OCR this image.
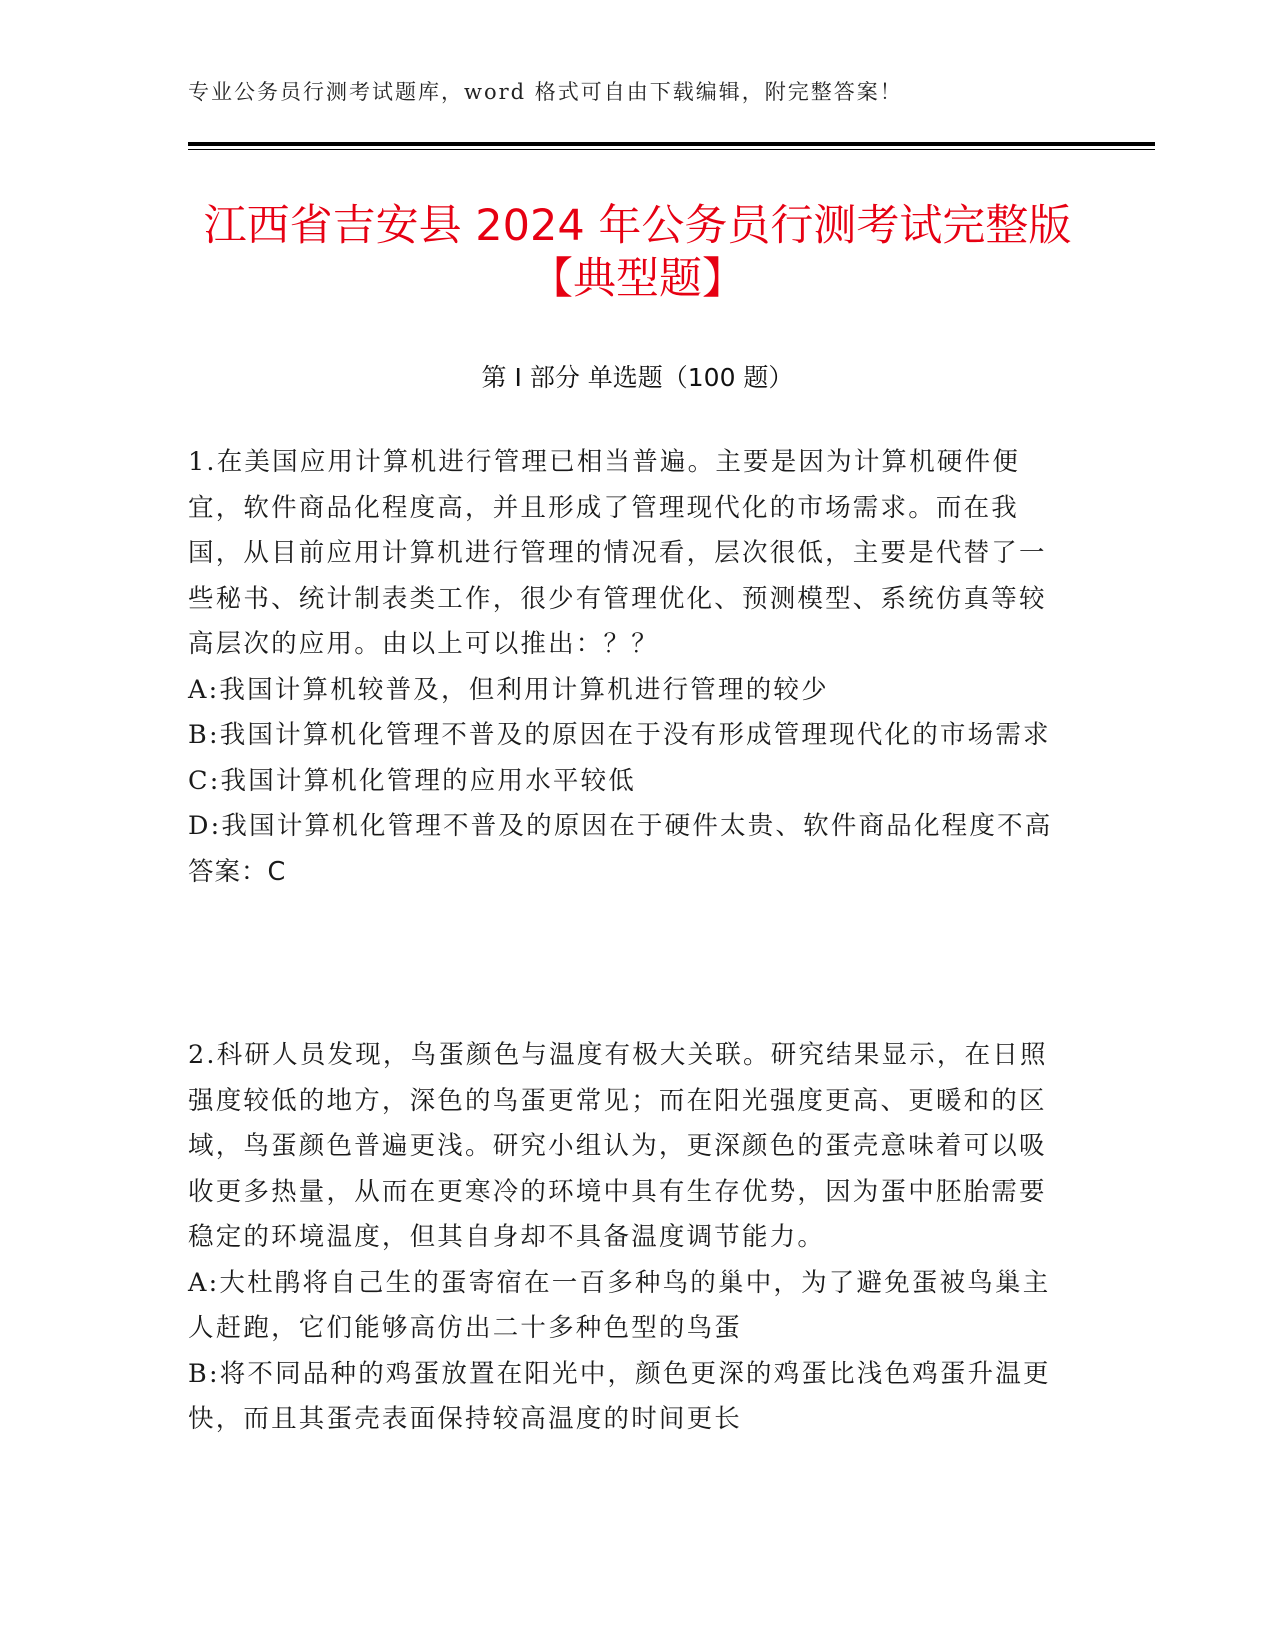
专业公务员行测考试题库，word 格式可自由下载编辑，附完整答案！
江西省吉安县 2024 年公务员行测考试完整版
【典型题】
第 I 部分 单选题（100 题）

1.在美国应用计算机进行管理已相当普遍。主要是因为计算机硬件便宜，软件商品化程度高，并且形成了管理现代化的市场需求。而在我国，从目前应用计算机进行管理的情况看，层次很低，主要是代替了一些秘书、统计制表类工作，很少有管理优化、预测模型、系统仿真等较高层次的应用。由以上可以推出：？？

A:我国计算机较普及，但利用计算机进行管理的较少

B:我国计算机化管理不普及的原因在于没有形成管理现代化的市场需求

C:我国计算机化管理的应用水平较低

D:我国计算机化管理不普及的原因在于硬件太贵、软件商品化程度不高

答案：C

2.科研人员发现，鸟蛋颜色与温度有极大关联。研究结果显示，在日照强度较低的地方，深色的鸟蛋更常见；而在阳光强度更高、更暖和的区域，鸟蛋颜色普遍更浅。研究小组认为，更深颜色的蛋壳意味着可以吸收更多热量，从而在更寒冷的环境中具有生存优势，因为蛋中胚胎需要稳定的环境温度，但其自身却不具备温度调节能力。

A:大杜鹃将自己生的蛋寄宿在一百多种鸟的巢中，为了避免蛋被鸟巢主人赶跑，它们能够高仿出二十多种色型的鸟蛋

B:将不同品种的鸡蛋放置在阳光中，颜色更深的鸡蛋比浅色鸡蛋升温更快，而且其蛋壳表面保持较高温度的时间更长
